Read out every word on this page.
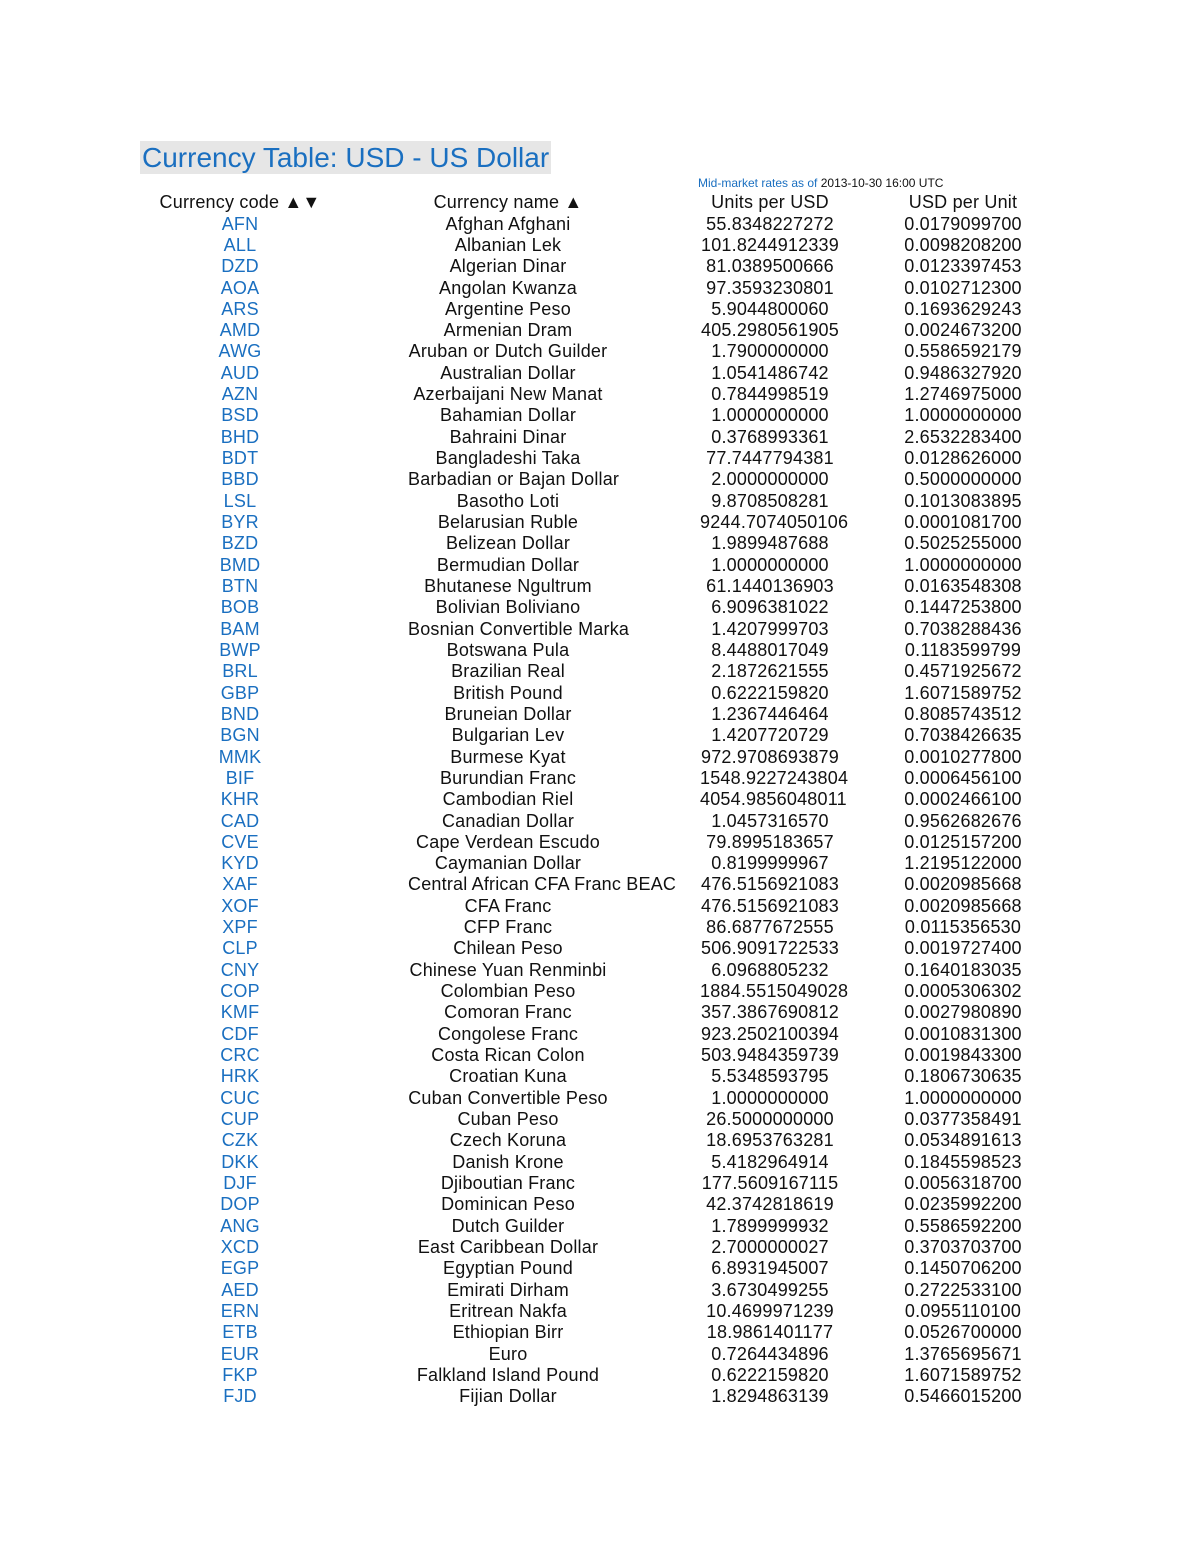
Currency Table: USD - US Dollar
Mid-market rates as of 2013-10-30 16:00 UTC
Currency code ▲▼	Currency name ▲	Units per USD	USD per Unit
AFN	Afghan Afghani	55.8348227272	0.0179099700
ALL	Albanian Lek	101.8244912339	0.0098208200
DZD	Algerian Dinar	81.0389500666	0.0123397453
AOA	Angolan Kwanza	97.3593230801	0.0102712300
ARS	Argentine Peso	5.9044800060	0.1693629243
AMD	Armenian Dram	405.2980561905	0.0024673200
AWG	Aruban or Dutch Guilder	1.7900000000	0.5586592179
AUD	Australian Dollar	1.0541486742	0.9486327920
AZN	Azerbaijani New Manat	0.7844998519	1.2746975000
BSD	Bahamian Dollar	1.0000000000	1.0000000000
BHD	Bahraini Dinar	0.3768993361	2.6532283400
BDT	Bangladeshi Taka	77.7447794381	0.0128626000
BBD	Barbadian or Bajan Dollar	2.0000000000	0.5000000000
LSL	Basotho Loti	9.8708508281	0.1013083895
BYR	Belarusian Ruble	9244.7074050106	0.0001081700
BZD	Belizean Dollar	1.9899487688	0.5025255000
BMD	Bermudian Dollar	1.0000000000	1.0000000000
BTN	Bhutanese Ngultrum	61.1440136903	0.0163548308
BOB	Bolivian Boliviano	6.9096381022	0.1447253800
BAM	Bosnian Convertible Marka	1.4207999703	0.7038288436
BWP	Botswana Pula	8.4488017049	0.1183599799
BRL	Brazilian Real	2.1872621555	0.4571925672
GBP	British Pound	0.6222159820	1.6071589752
BND	Bruneian Dollar	1.2367446464	0.8085743512
BGN	Bulgarian Lev	1.4207720729	0.7038426635
MMK	Burmese Kyat	972.9708693879	0.0010277800
BIF	Burundian Franc	1548.9227243804	0.0006456100
KHR	Cambodian Riel	4054.9856048011	0.0002466100
CAD	Canadian Dollar	1.0457316570	0.9562682676
CVE	Cape Verdean Escudo	79.8995183657	0.0125157200
KYD	Caymanian Dollar	0.8199999967	1.2195122000
XAF	Central African CFA Franc BEAC 476.5156921083	0.0020985668
XOF	CFA Franc	476.5156921083	0.0020985668
XPF	CFP Franc	86.6877672555	0.0115356530
CLP	Chilean Peso	506.9091722533	0.0019727400
CNY	Chinese Yuan Renminbi	6.0968805232	0.1640183035
COP	Colombian Peso	1884.5515049028	0.0005306302
KMF	Comoran Franc	357.3867690812	0.0027980890
CDF	Congolese Franc	923.2502100394	0.0010831300
CRC	Costa Rican Colon	503.9484359739	0.0019843300
HRK	Croatian Kuna	5.5348593795	0.1806730635
CUC	Cuban Convertible Peso	1.0000000000	1.0000000000
CUP	Cuban Peso	26.5000000000	0.0377358491
CZK	Czech Koruna	18.6953763281	0.0534891613
DKK	Danish Krone	5.4182964914	0.1845598523
DJF	Djiboutian Franc	177.5609167115	0.0056318700
DOP	Dominican Peso	42.3742818619	0.0235992200
ANG	Dutch Guilder	1.7899999932	0.5586592200
XCD	East Caribbean Dollar	2.7000000027	0.3703703700
EGP	Egyptian Pound	6.8931945007	0.1450706200
AED	Emirati Dirham	3.6730499255	0.2722533100
ERN	Eritrean Nakfa	10.4699971239	0.0955110100
ETB	Ethiopian Birr	18.9861401177	0.0526700000
EUR	Euro	0.7264434896	1.3765695671
FKP	Falkland Island Pound	0.6222159820	1.6071589752
FJD	Fijian Dollar	1.8294863139	0.5466015200
